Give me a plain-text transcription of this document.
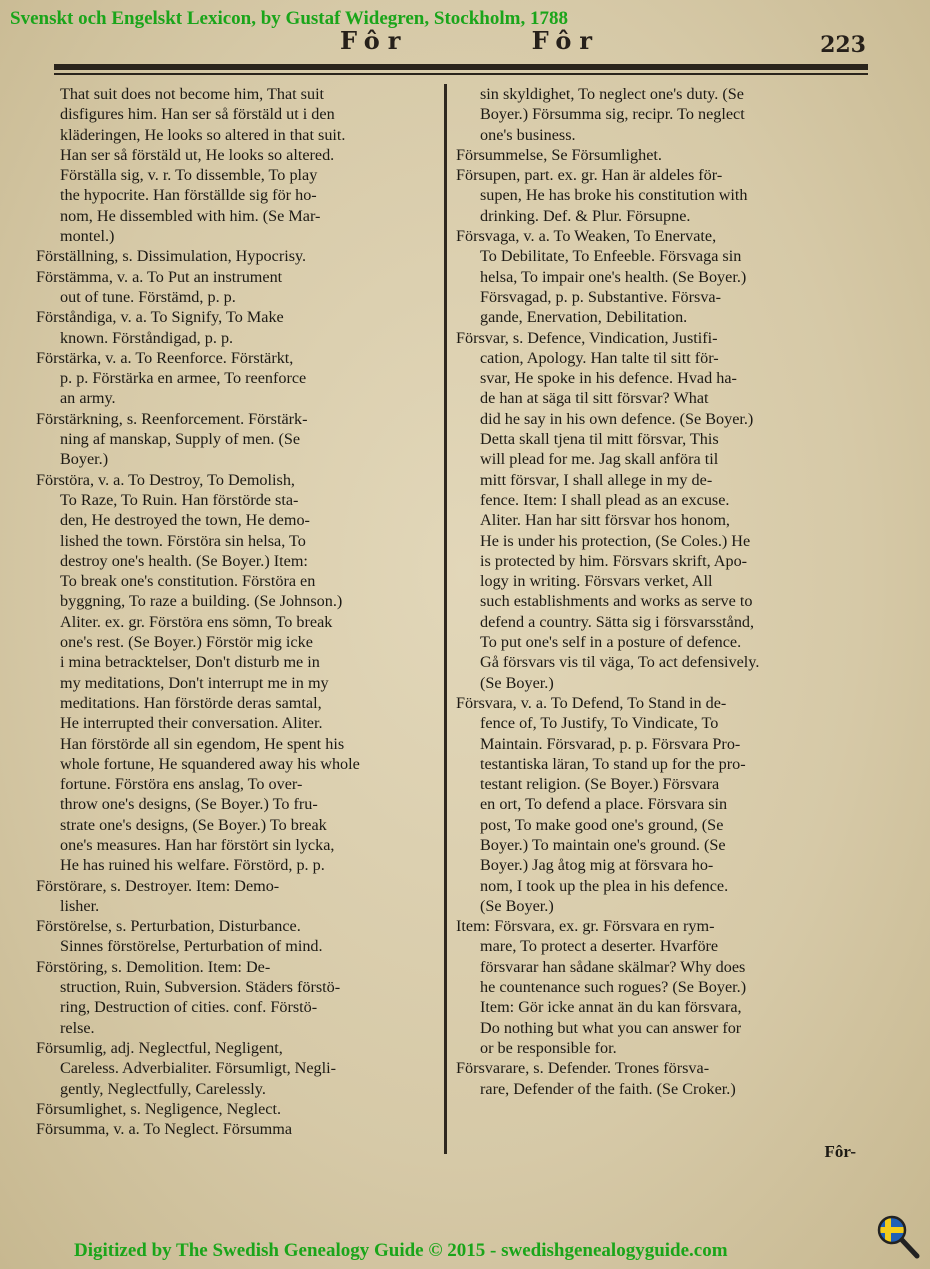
Svenskt och Engelskt Lexicon, by Gustaf Widegren, Stockholm, 1788
Fôr	Fôr	223
That suit does not become him, That suit
disfigures him. Han ser så förstäld ut i den
kläderingen, He looks so altered in that suit.
Han ser så förstäld ut, He looks so altered.
Förställa sig, v. r. To dissemble, To play
the hypocrite. Han förställde sig för ho-
nom, He dissembled with him. (Se Mar-
montel.)
Förställning, s. Dissimulation, Hypocrisy.
Förstämma, v. a. To Put an instrument
out of tune. Förstämd, p. p.
Förståndiga, v. a. To Signify, To Make
known. Förståndigad, p. p.
Förstärka, v. a. To Reenforce. Förstärkt,
p. p. Förstärka en armee, To reenforce
an army.
Förstärkning, s. Reenforcement. Förstärk-
ning af manskap, Supply of men. (Se
Boyer.)
Förstöra, v. a. To Destroy, To Demolish,
To Raze, To Ruin. Han förstörde sta-
den, He destroyed the town, He demo-
lished the town. Förstöra sin helsa, To
destroy one's health. (Se Boyer.) Item:
To break one's constitution. Förstöra en
byggning, To raze a building. (Se Johnson.)
Aliter. ex. gr. Förstöra ens sömn, To break
one's rest. (Se Boyer.) Förstör mig icke
i mina betracktelser, Don't disturb me in
my meditations, Don't interrupt me in my
meditations. Han förstörde deras samtal,
He interrupted their conversation. Aliter.
Han förstörde all sin egendom, He spent his
whole fortune, He squandered away his whole
fortune. Förstöra ens anslag, To over-
throw one's designs, (Se Boyer.) To fru-
strate one's designs, (Se Boyer.) To break
one's measures. Han har förstört sin lycka,
He has ruined his welfare. Förstörd, p. p.
Förstörare, s. Destroyer. Item: Demo-
lisher.
Förstörelse, s. Perturbation, Disturbance.
Sinnes förstörelse, Perturbation of mind.
Förstöring, s. Demolition. Item: De-
struction, Ruin, Subversion. Städers förstö-
ring, Destruction of cities. conf. Förstö-
relse.
Försumlig, adj. Neglectful, Negligent,
Careless. Adverbialiter. Försumligt, Negli-
gently, Neglectfully, Carelessly.
Försumlighet, s. Negligence, Neglect.
Försumma, v. a. To Neglect. Försumma
sin skyldighet, To neglect one's duty. (Se
Boyer.) Försumma sig, recipr. To neglect
one's business.
Försummelse, Se Försumlighet.
Försupen, part. ex. gr. Han är aldeles för-
supen, He has broke his constitution with
drinking. Def. & Plur. Försupne.
Försvaga, v. a. To Weaken, To Enervate,
To Debilitate, To Enfeeble. Försvaga sin
helsa, To impair one's health. (Se Boyer.)
Försvagad, p. p. Substantive. Försva-
gande, Enervation, Debilitation.
Försvar, s. Defence, Vindication, Justifi-
cation, Apology. Han talte til sitt för-
svar, He spoke in his defence. Hvad ha-
de han at säga til sitt försvar? What
did he say in his own defence. (Se Boyer.)
Detta skall tjena til mitt försvar, This
will plead for me. Jag skall anföra til
mitt försvar, I shall allege in my de-
fence. Item: I shall plead as an excuse.
Aliter. Han har sitt försvar hos honom,
He is under his protection, (Se Coles.) He
is protected by him. Försvars skrift, Apo-
logy in writing. Försvars verket, All
such establishments and works as serve to
defend a country. Sätta sig i försvarsstånd,
To put one's self in a posture of defence.
Gå försvars vis til väga, To act defensively.
(Se Boyer.)
Försvara, v. a. To Defend, To Stand in de-
fence of, To Justify, To Vindicate, To
Maintain. Försvarad, p. p. Försvara Pro-
testantiska läran, To stand up for the pro-
testant religion. (Se Boyer.) Försvara
en ort, To defend a place. Försvara sin
post, To make good one's ground, (Se
Boyer.) To maintain one's ground. (Se
Boyer.) Jag åtog mig at försvara ho-
nom, I took up the plea in his defence.
(Se Boyer.)
Item: Försvara, ex. gr. Försvara en rym-
mare, To protect a deserter. Hvarföre
försvarar han sådane skälmar? Why does
he countenance such rogues? (Se Boyer.)
Item: Gör icke annat än du kan försvara,
Do nothing but what you can answer for
or be responsible for.
Försvarare, s. Defender. Trones försva-
rare, Defender of the faith. (Se Croker.)
Fôr-
Digitized by The Swedish Genealogy Guide © 2015 - swedishgenealogyguide.com
